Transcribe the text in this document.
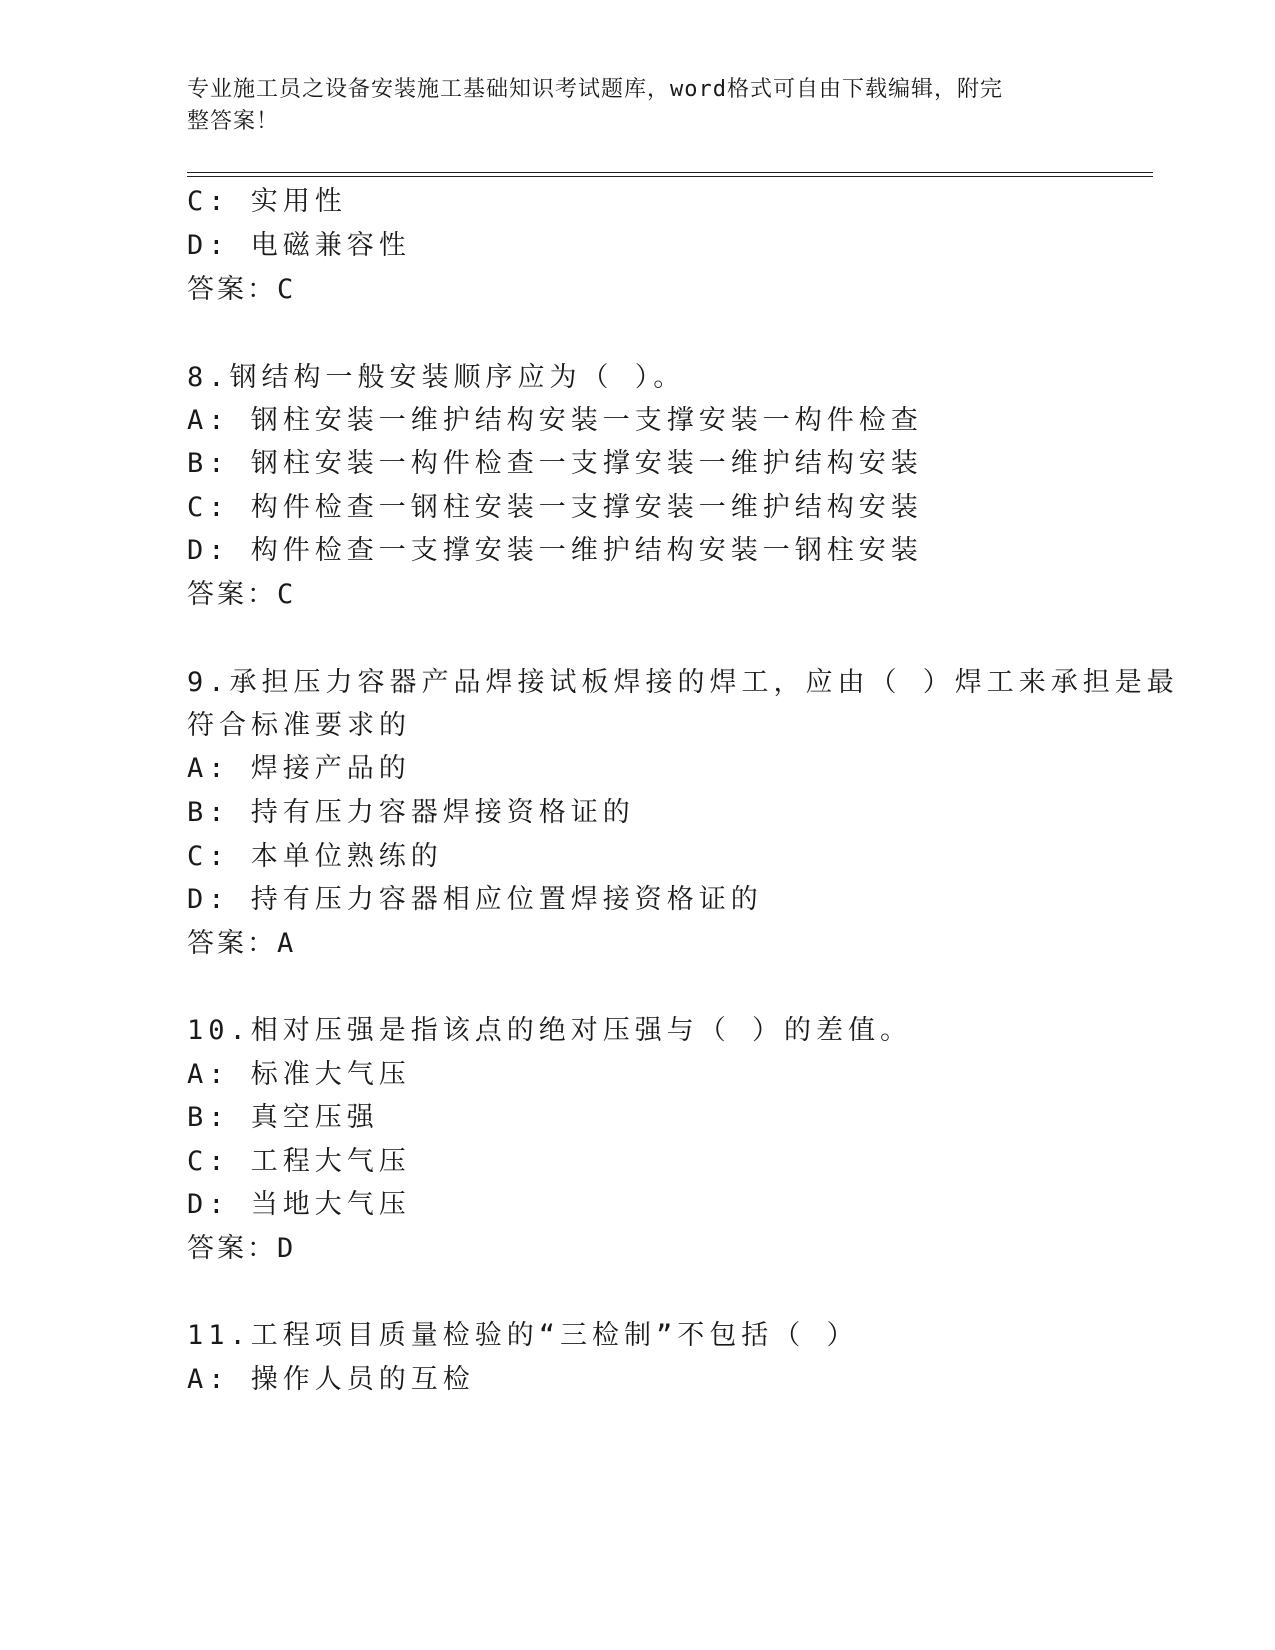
专业施工员之设备安装施工基础知识考试题库，word格式可自由下载编辑，附完
整答案！
C: 实用性
D: 电磁兼容性
答案：C
8.钢结构一般安装顺序应为（ ）。
A: 钢柱安装一维护结构安装一支撑安装一构件检查
B: 钢柱安装一构件检查一支撑安装一维护结构安装
C: 构件检查一钢柱安装一支撑安装一维护结构安装
D: 构件检查一支撑安装一维护结构安装一钢柱安装
答案：C
9.承担压力容器产品焊接试板焊接的焊工，应由（ ）焊工来承担是最
符合标准要求的
A: 焊接产品的
B: 持有压力容器焊接资格证的
C: 本单位熟练的
D: 持有压力容器相应位置焊接资格证的
答案：A
10.相对压强是指该点的绝对压强与（ ）的差值。
A: 标准大气压
B: 真空压强
C: 工程大气压
D: 当地大气压
答案：D
11.工程项目质量检验的“三检制”不包括（ ）
A: 操作人员的互检
